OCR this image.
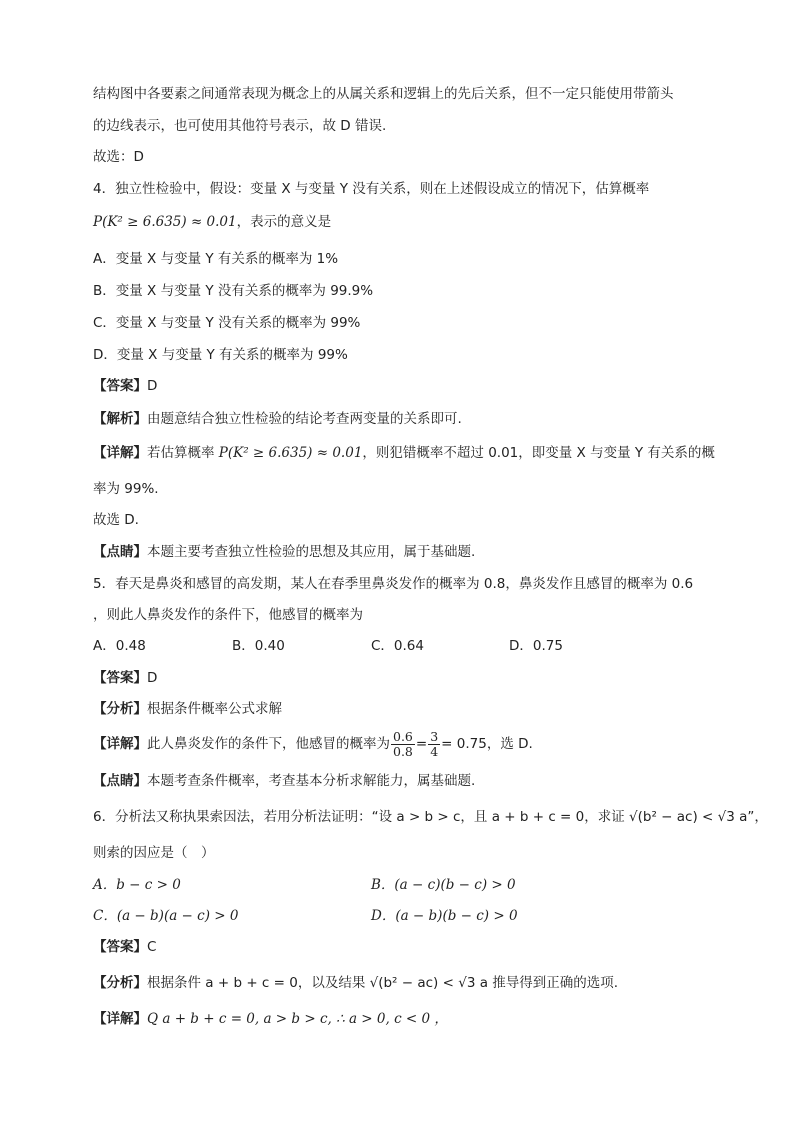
结构图中各要素之间通常表现为概念上的从属关系和逻辑上的先后关系，但不一定只能使用带箭头
的边线表示，也可使用其他符号表示，故 D 错误.
故选：D
4．独立性检验中，假设：变量 X 与变量 Y 没有关系，则在上述假设成立的情况下，估算概率
P(K² ≥ 6.635) ≈ 0.01，表示的意义是
A．变量 X 与变量 Y 有关系的概率为 1%
B．变量 X 与变量 Y 没有关系的概率为 99.9%
C．变量 X 与变量 Y 没有关系的概率为 99%
D．变量 X 与变量 Y 有关系的概率为 99%
【答案】D
【解析】由题意结合独立性检验的结论考查两变量的关系即可.
【详解】若估算概率 P(K² ≥ 6.635) ≈ 0.01，则犯错概率不超过 0.01，即变量 X 与变量 Y 有关系的概
率为 99%.
故选 D.
【点睛】本题主要考查独立性检验的思想及其应用，属于基础题.
5．春天是鼻炎和感冒的高发期，某人在春季里鼻炎发作的概率为 0.8，鼻炎发作且感冒的概率为 0.6
，则此人鼻炎发作的条件下，他感冒的概率为
A．0.48	B．0.40	C．0.64	D．0.75
【答案】D
【分析】根据条件概率公式求解
【详解】此人鼻炎发作的条件下，他感冒的概率为 $\frac{0.6}{0.8} = \frac{3}{4} = 0.75$，选 D.
【点睛】本题考查条件概率，考查基本分析求解能力，属基础题.
6．分析法又称执果索因法，若用分析法证明：“设 a > b > c，且 a + b + c = 0，求证 √(b² − ac) < √3 a”，
则索的因应是（　）
A．b − c > 0	B．(a − c)(b − c) > 0
C．(a − b)(a − c) > 0	D．(a − b)(b − c) > 0
【答案】C
【分析】根据条件 a + b + c = 0，以及结果 √(b² − ac) < √3 a 推导得到正确的选项.
【详解】Q a + b + c = 0, a > b > c, ∴ a > 0, c < 0 ，
